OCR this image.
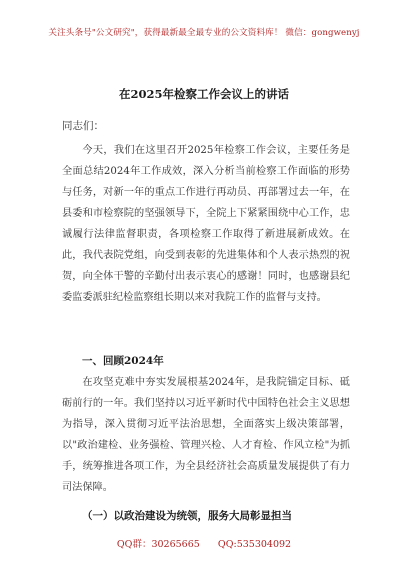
关注头条号"公文研究"，获得最新最全最专业的公文资料库！ 微信：gongwenyj
在2025年检察工作会议上的讲话
同志们：

今天，我们在这里召开2025年检察工作会议，主要任务是全面总结2024年工作成效，深入分析当前检察工作面临的形势与任务，对新一年的重点工作进行再动员、再部署过去一年，在县委和市检察院的坚强领导下，全院上下紧紧围绕中心工作，忠诚履行法律监督职责，各项检察工作取得了新进展新成效。在此，我代表院党组，向受到表彰的先进集体和个人表示热烈的祝贺，向全体干警的辛勤付出表示衷心的感谢！同时，也感谢县纪委监委派驻纪检监察组长期以来对我院工作的监督与支持。

一、回顾2024年

在攻坚克难中夯实发展根基2024年，是我院锚定目标、砥砺前行的一年。我们坚持以习近平新时代中国特色社会主义思想为指导，深入贯彻习近平法治思想，全面落实上级决策部署，以"政治建检、业务强检、管理兴检、人才育检、作风立检"为抓手，统筹推进各项工作，为全县经济社会高质量发展提供了有力司法保障。

（一）以政治建设为统领，服务大局彰显担当
QQ群：30265665      QQ:535304092
